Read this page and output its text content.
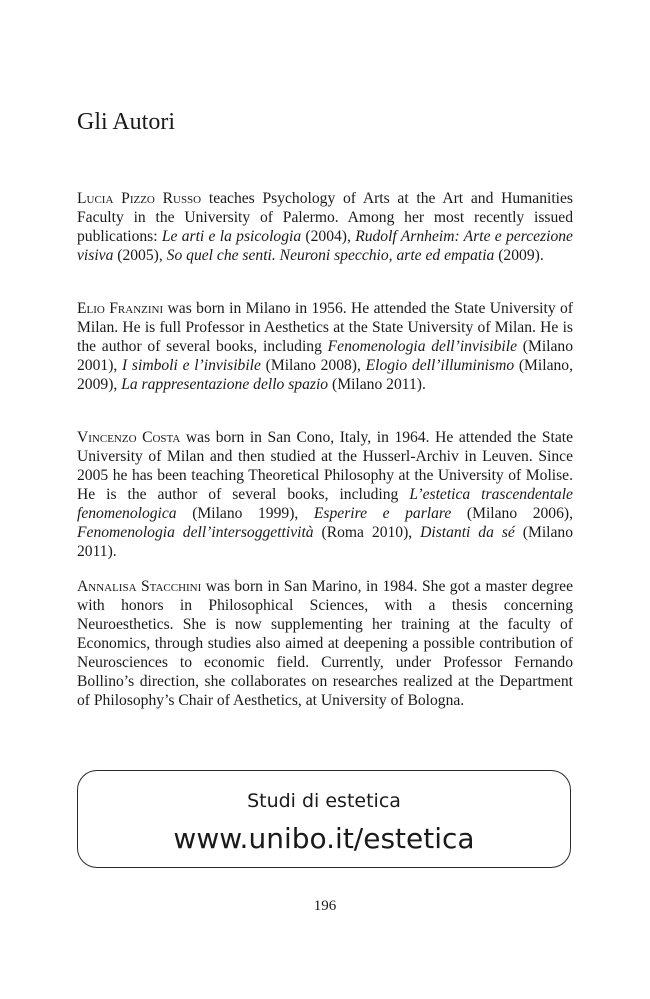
Gli Autori

Lucia Pizzo Russo teaches Psychology of Arts at the Art and Humanities Faculty in the University of Palermo. Among her most recently issued publications: Le arti e la psicologia (2004), Rudolf Arnheim: Arte e percezione visiva (2005), So quel che senti. Neuroni specchio, arte ed empatia (2009).

Elio Franzini was born in Milano in 1956. He attended the State University of Milan. He is full Professor in Aesthetics at the State University of Milan. He is the author of several books, including Fenomenologia dell’invisibile (Milano 2001), I simboli e l’invisibile (Milano 2008), Elogio dell’illuminismo (Milano, 2009), La rappresentazione dello spazio (Milano 2011).

Vincenzo Costa was born in San Cono, Italy, in 1964. He attended the State University of Milan and then studied at the Husserl-Archiv in Leuven. Since 2005 he has been teaching Theoretical Philosophy at the University of Molise. He is the author of several books, including L’estetica trascendentale fenomenologica (Milano 1999), Esperire e parlare (Milano 2006), Fenomenologia dell’intersoggettività (Roma 2010), Distanti da sé (Milano 2011).

Annalisa Stacchini was born in San Marino, in 1984. She got a master degree with honors in Philosophical Sciences, with a thesis concerning Neuroesthetics. She is now supplementing her training at the faculty of Economics, through studies also aimed at deepening a possible contribution of Neurosciences to economic field. Currently, under Professor Fernando Bollino’s direction, she collaborates on researches realized at the Department of Philosophy’s Chair of Aesthetics, at University of Bologna.

Studi di estetica
www.unibo.it/estetica
196
